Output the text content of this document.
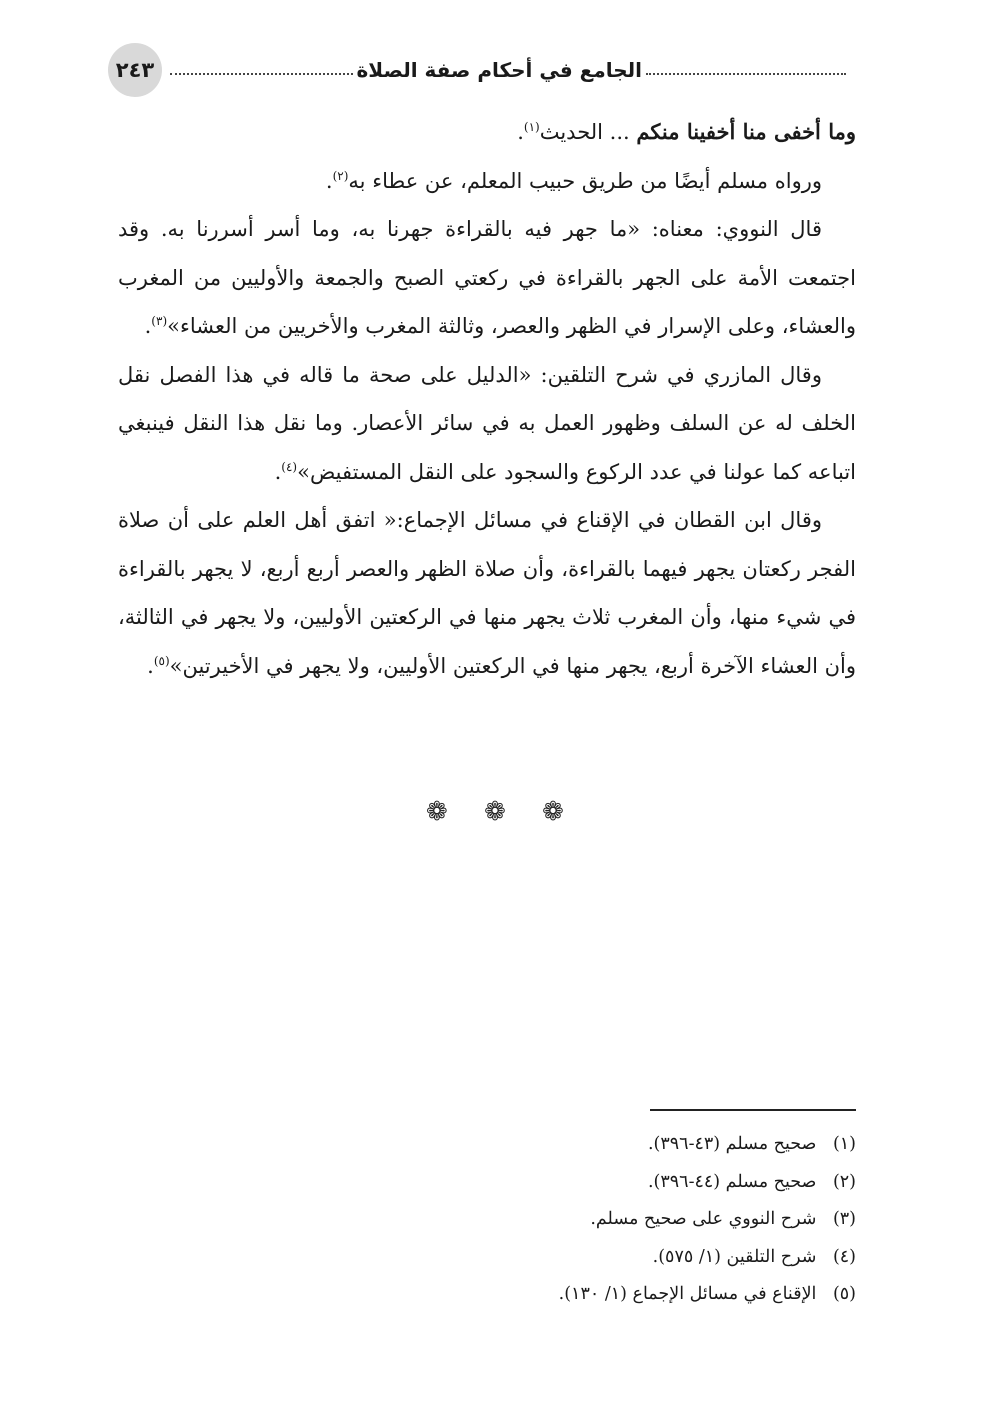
الجامع في أحكام صفة الصلاة
٢٤٣

وما أخفى منا أخفينا منكم ... الحديث$^{(١)}$.

ورواه مسلم أيضًا من طريق حبيب المعلم، عن عطاء به$^{(٢)}$.

قال النووي: معناه: «ما جهر فيه بالقراءة جهرنا به، وما أسر أسررنا به. وقد اجتمعت الأمة على الجهر بالقراءة في ركعتي الصبح والجمعة والأوليين من المغرب والعشاء، وعلى الإسرار في الظهر والعصر، وثالثة المغرب والأخريين من العشاء»$^{(٣)}$.

وقال المازري في شرح التلقين: «الدليل على صحة ما قاله في هذا الفصل نقل الخلف له عن السلف وظهور العمل به في سائر الأعصار. وما نقل هذا النقل فينبغي اتباعه كما عولنا في عدد الركوع والسجود على النقل المستفيض»$^{(٤)}$.

وقال ابن القطان في الإقناع في مسائل الإجماع:« اتفق أهل العلم على أن صلاة الفجر ركعتان يجهر فيهما بالقراءة، وأن صلاة الظهر والعصر أربع أربع، لا يجهر بالقراءة في شيء منها، وأن المغرب ثلاث يجهر منها في الركعتين الأوليين، ولا يجهر في الثالثة، وأن العشاء الآخرة أربع، يجهر منها في الركعتين الأوليين، ولا يجهر في الأخيرتين»$^{(٥)}$.

❁ ❁ ❁
(١) صحيح مسلم (٤٣-٣٩٦).
(٢) صحيح مسلم (٤٤-٣٩٦).
(٣) شرح النووي على صحيح مسلم.
(٤) شرح التلقين (١/ ٥٧٥).
(٥) الإقناع في مسائل الإجماع (١/ ١٣٠).
